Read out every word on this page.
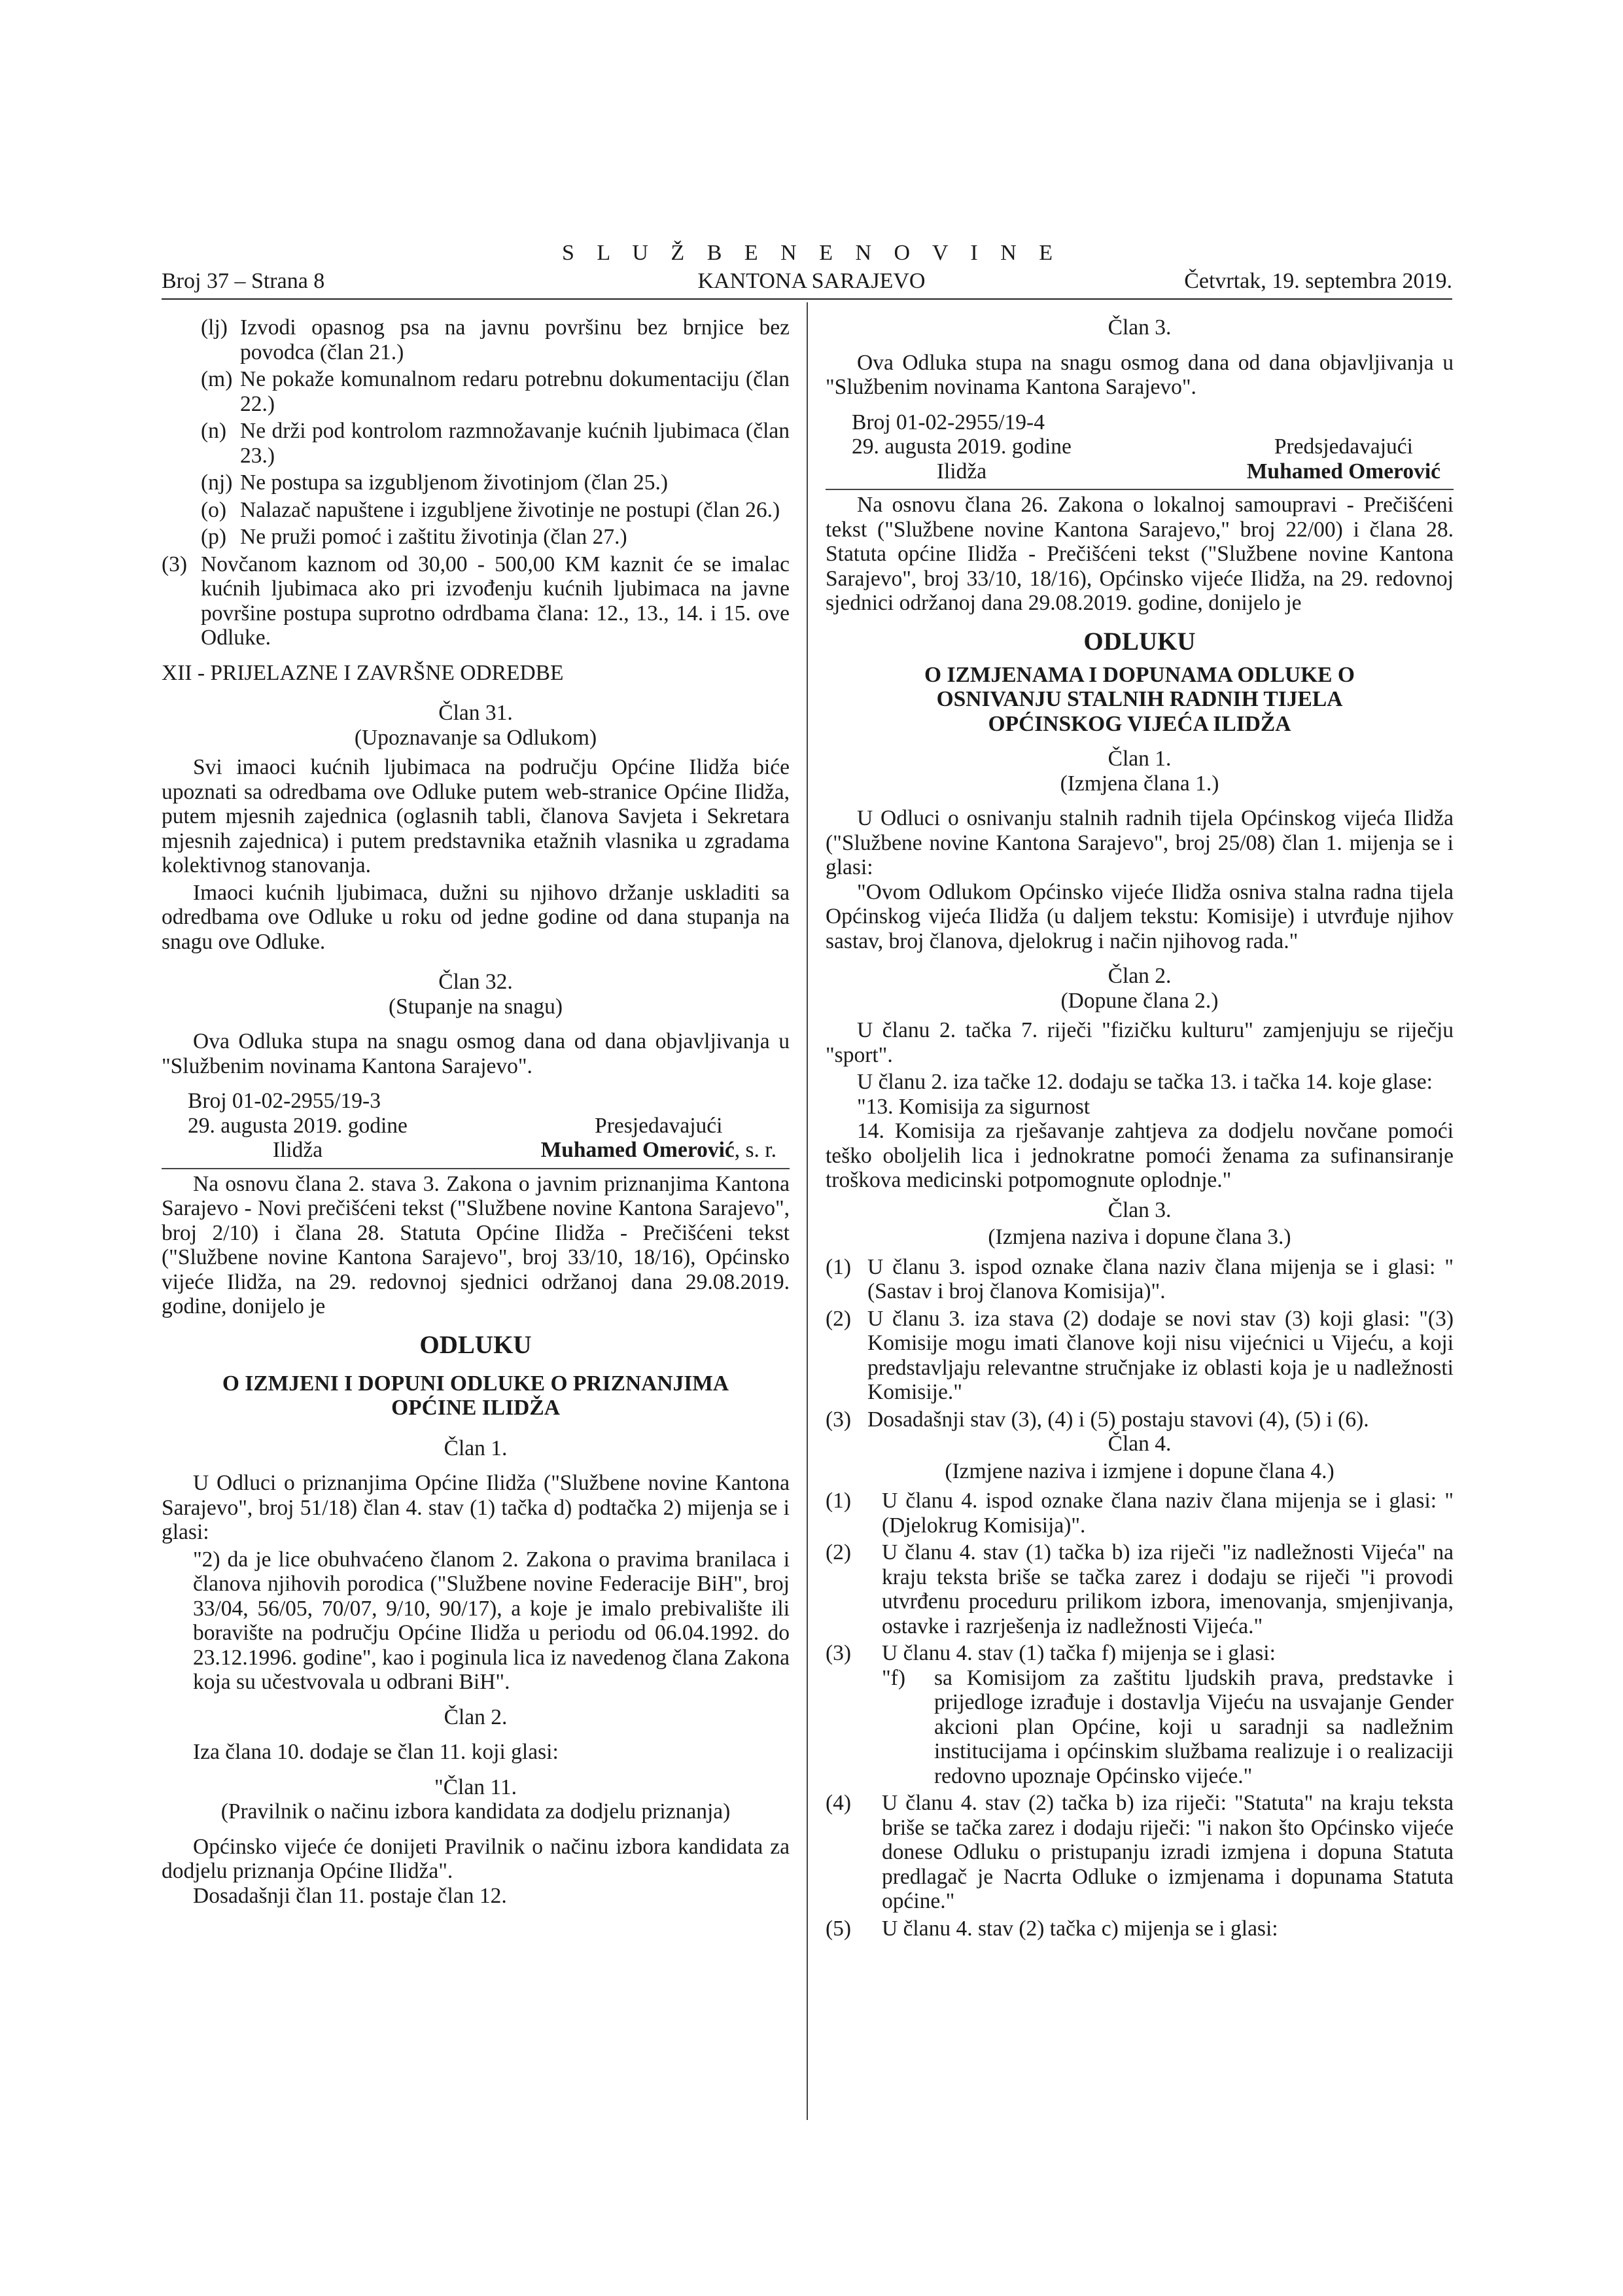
S L U Ž B E N E N O V I N E
Broj 37 – Strana 8	KANTONA SARAJEVO	Četvrtak, 19. septembra 2019.
(lj) Izvodi opasnog psa na javnu površinu bez brnjice bez povodca (član 21.)
(m) Ne pokaže komunalnom redaru potrebnu dokumentaciju (član 22.)
(n) Ne drži pod kontrolom razmnožavanje kućnih ljubimaca (član 23.)
(nj) Ne postupa sa izgubljenom životinjom (član 25.)
(o) Nalazač napuštene i izgubljene životinje ne postupi (član 26.)
(p) Ne pruži pomoć i zaštitu životinja (član 27.)
(3) Novčanom kaznom od 30,00 - 500,00 KM kaznit će se imalac kućnih ljubimaca ako pri izvođenju kućnih ljubimaca na javne površine postupa suprotno odrdbama člana: 12., 13., 14. i 15. ove Odluke.

XII - PRIJELAZNE I ZAVRŠNE ODREDBE

Član 31.

(Upoznavanje sa Odlukom)

Svi imaoci kućnih ljubimaca na području Općine Ilidža biće upoznati sa odredbama ove Odluke putem web-stranice Općine Ilidža, putem mjesnih zajednica (oglasnih tabli, članova Savjeta i Sekretara mjesnih zajednica) i putem predstavnika etažnih vlasnika u zgradama kolektivnog stanovanja.

Imaoci kućnih ljubimaca, dužni su njihovo držanje uskladiti sa odredbama ove Odluke u roku od jedne godine od dana stupanja na snagu ove Odluke.

Član 32.

(Stupanje na snagu)

Ova Odluka stupa na snagu osmog dana od dana objavljivanja u "Službenim novinama Kantona Sarajevo".

Broj 01-02-2955/19-3
29. augusta 2019. godine
Ilidža

Presjedavajući
Muhamed Omerović, s. r.

Na osnovu člana 2. stava 3. Zakona o javnim priznanjima Kantona Sarajevo - Novi prečišćeni tekst ("Službene novine Kantona Sarajevo", broj 2/10) i člana 28. Statuta Općine Ilidža - Prečišćeni tekst ("Službene novine Kantona Sarajevo", broj 33/10, 18/16), Općinsko vijeće Ilidža, na 29. redovnoj sjednici održanoj dana 29.08.2019. godine, donijelo je

ODLUKU

O IZMJENI I DOPUNI ODLUKE O PRIZNANJIMA OPĆINE ILIDŽA

Član 1.

U Odluci o priznanjima Općine Ilidža ("Službene novine Kantona Sarajevo", broj 51/18) član 4. stav (1) tačka d) podtačka 2) mijenja se i glasi:

"2) da je lice obuhvaćeno članom 2. Zakona o pravima branilaca i članova njihovih porodica ("Službene novine Federacije BiH", broj 33/04, 56/05, 70/07, 9/10, 90/17), a koje je imalo prebivalište ili boravište na području Općine Ilidža u periodu od 06.04.1992. do 23.12.1996. godine", kao i poginula lica iz navedenog člana Zakona koja su učestvovala u odbrani BiH".

Član 2.

Iza člana 10. dodaje se član 11. koji glasi:

"Član 11.

(Pravilnik o načinu izbora kandidata za dodjelu priznanja)

Općinsko vijeće će donijeti Pravilnik o načinu izbora kandidata za dodjelu priznanja Općine Ilidža".

Dosadašnji član 11. postaje član 12.

Član 3.

Ova Odluka stupa na snagu osmog dana od dana objavljivanja u "Službenim novinama Kantona Sarajevo".

Broj 01-02-2955/19-4
29. augusta 2019. godine
Ilidža

Predsjedavajući
Muhamed Omerović

Na osnovu člana 26. Zakona o lokalnoj samoupravi - Prečišćeni tekst ("Službene novine Kantona Sarajevo," broj 22/00) i člana 28. Statuta općine Ilidža - Prečišćeni tekst ("Službene novine Kantona Sarajevo", broj 33/10, 18/16), Općinsko vijeće Ilidža, na 29. redovnoj sjednici održanoj dana 29.08.2019. godine, donijelo je

ODLUKU

O IZMJENAMA I DOPUNAMA ODLUKE O
OSNIVANJU STALNIH RADNIH TIJELA
OPĆINSKOG VIJEĆA ILIDŽA

Član 1.

(Izmjena člana 1.)

U Odluci o osnivanju stalnih radnih tijela Općinskog vijeća Ilidža ("Službene novine Kantona Sarajevo", broj 25/08) član 1. mijenja se i glasi:

"Ovom Odlukom Općinsko vijeće Ilidža osniva stalna radna tijela Općinskog vijeća Ilidža (u daljem tekstu: Komisije) i utvrđuje njihov sastav, broj članova, djelokrug i način njihovog rada."

Član 2.

(Dopune člana 2.)

U članu 2. tačka 7. riječi "fizičku kulturu" zamjenjuju se riječju "sport".

U članu 2. iza tačke 12. dodaju se tačka 13. i tačka 14. koje glase:

"13. Komisija za sigurnost

14. Komisija za rješavanje zahtjeva za dodjelu novčane pomoći teško oboljelih lica i jednokratne pomoći ženama za sufinansiranje troškova medicinski potpomognute oplodnje."

Član 3.

(Izmjena naziva i dopune člana 3.)

(1) U članu 3. ispod oznake člana naziv člana mijenja se i glasi: "(Sastav i broj članova Komisija)".
(2) U članu 3. iza stava (2) dodaje se novi stav (3) koji glasi: "(3) Komisije mogu imati članove koji nisu vijećnici u Vijeću, a koji predstavljaju relevantne stručnjake iz oblasti koja je u nadležnosti Komisije."
(3) Dosadašnji stav (3), (4) i (5) postaju stavovi (4), (5) i (6).

Član 4.

(Izmjene naziva i izmjene i dopune člana 4.)

(1)	U članu 4. ispod oznake člana naziv člana mijenja se i glasi: "(Djelokrug Komisija)".
(2)	U članu 4. stav (1) tačka b) iza riječi "iz nadležnosti Vijeća" na kraju teksta briše se tačka zarez i dodaju se riječi "i provodi utvrđenu proceduru prilikom izbora, imenovanja, smjenjivanja, ostavke i razrješenja iz nadležnosti Vijeća."
(3)	U članu 4. stav (1) tačka f) mijenja se i glasi:
"f)	sa Komisijom za zaštitu ljudskih prava, predstavke i prijedloge izrađuje i dostavlja Vijeću na usvajanje Gender akcioni plan Općine, koji u saradnji sa nadležnim institucijama i općinskim službama realizuje i o realizaciji redovno upoznaje Općinsko vijeće."
(4)	U članu 4. stav (2) tačka b) iza riječi: "Statuta" na kraju teksta briše se tačka zarez i dodaju riječi: "i nakon što Općinsko vijeće donese Odluku o pristupanju izradi izmjena i dopuna Statuta predlagač je Nacrta Odluke o izmjenama i dopunama Statuta općine."
(5)	U članu 4. stav (2) tačka c) mijenja se i glasi:
